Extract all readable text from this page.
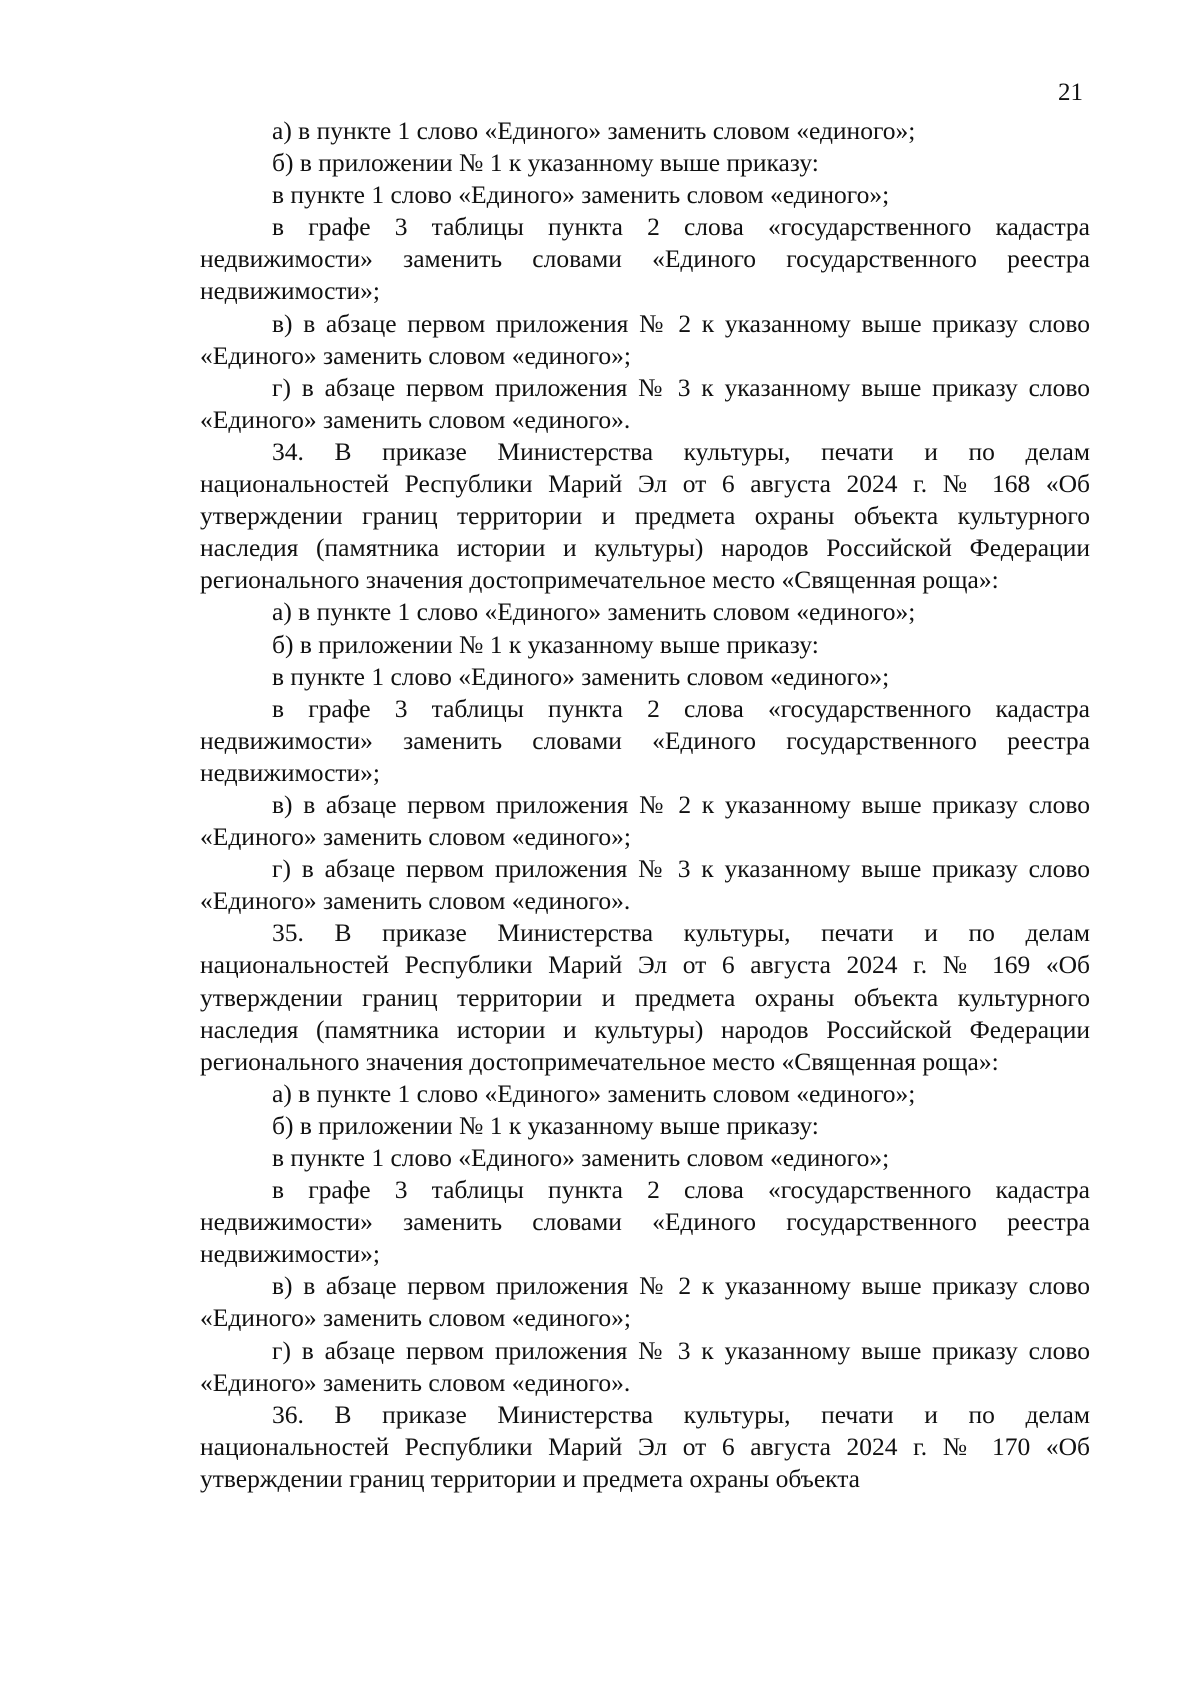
21

а) в пункте 1 слово «Единого» заменить словом «единого»;

б) в приложении № 1 к указанному выше приказу:

в пункте 1 слово «Единого» заменить словом «единого»;

в графе 3 таблицы пункта 2 слова «государственного кадастра недвижимости» заменить словами «Единого государственного реестра недвижимости»;

в) в абзаце первом приложения № 2 к указанному выше приказу слово «Единого» заменить словом «единого»;

г) в абзаце первом приложения № 3 к указанному выше приказу слово «Единого» заменить словом «единого».

34. В приказе Министерства культуры, печати и по делам национальностей Республики Марий Эл от 6 августа 2024 г. № 168 «Об утверждении границ территории и предмета охраны объекта культурного наследия (памятника истории и культуры) народов Российской Федерации регионального значения достопримечательное место «Священная роща»:

а) в пункте 1 слово «Единого» заменить словом «единого»;

б) в приложении № 1 к указанному выше приказу:

в пункте 1 слово «Единого» заменить словом «единого»;

в графе 3 таблицы пункта 2 слова «государственного кадастра недвижимости» заменить словами «Единого государственного реестра недвижимости»;

в) в абзаце первом приложения № 2 к указанному выше приказу слово «Единого» заменить словом «единого»;

г) в абзаце первом приложения № 3 к указанному выше приказу слово «Единого» заменить словом «единого».

35. В приказе Министерства культуры, печати и по делам национальностей Республики Марий Эл от 6 августа 2024 г. № 169 «Об утверждении границ территории и предмета охраны объекта культурного наследия (памятника истории и культуры) народов Российской Федерации регионального значения достопримечательное место «Священная роща»:

а) в пункте 1 слово «Единого» заменить словом «единого»;

б) в приложении № 1 к указанному выше приказу:

в пункте 1 слово «Единого» заменить словом «единого»;

в графе 3 таблицы пункта 2 слова «государственного кадастра недвижимости» заменить словами «Единого государственного реестра недвижимости»;

в) в абзаце первом приложения № 2 к указанному выше приказу слово «Единого» заменить словом «единого»;

г) в абзаце первом приложения № 3 к указанному выше приказу слово «Единого» заменить словом «единого».

36. В приказе Министерства культуры, печати и по делам национальностей Республики Марий Эл от 6 августа 2024 г. № 170 «Об утверждении границ территории и предмета охраны объекта
